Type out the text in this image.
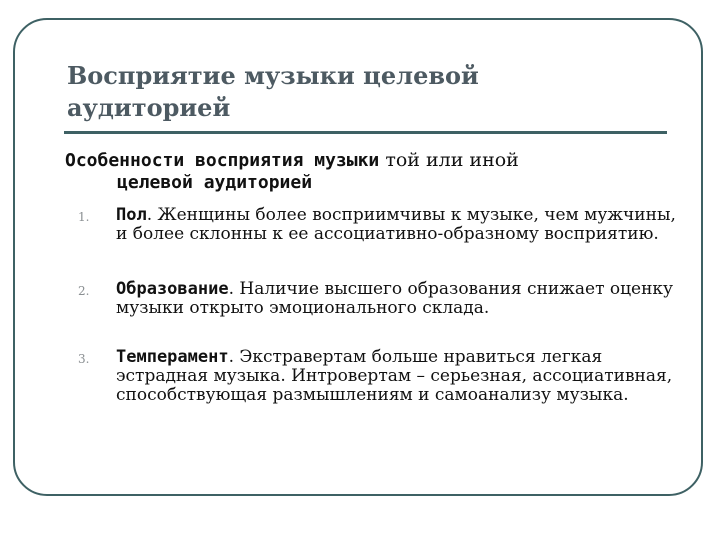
Восприятие музыки целевой
аудиторией
Особенности восприятия музыки той или иной
целевой аудиторией
1. Пол. Женщины более восприимчивы к музыке, чем мужчины, и более склонны к ее ассоциативно-образному восприятию.
2. Образование. Наличие высшего образования снижает оценку музыки открыто эмоционального склада.
3. Темперамент. Экстравертам больше нравиться легкая эстрадная музыка. Интровертам – серьезная, ассоциативная, способствующая размышлениям и самоанализу музыка.
